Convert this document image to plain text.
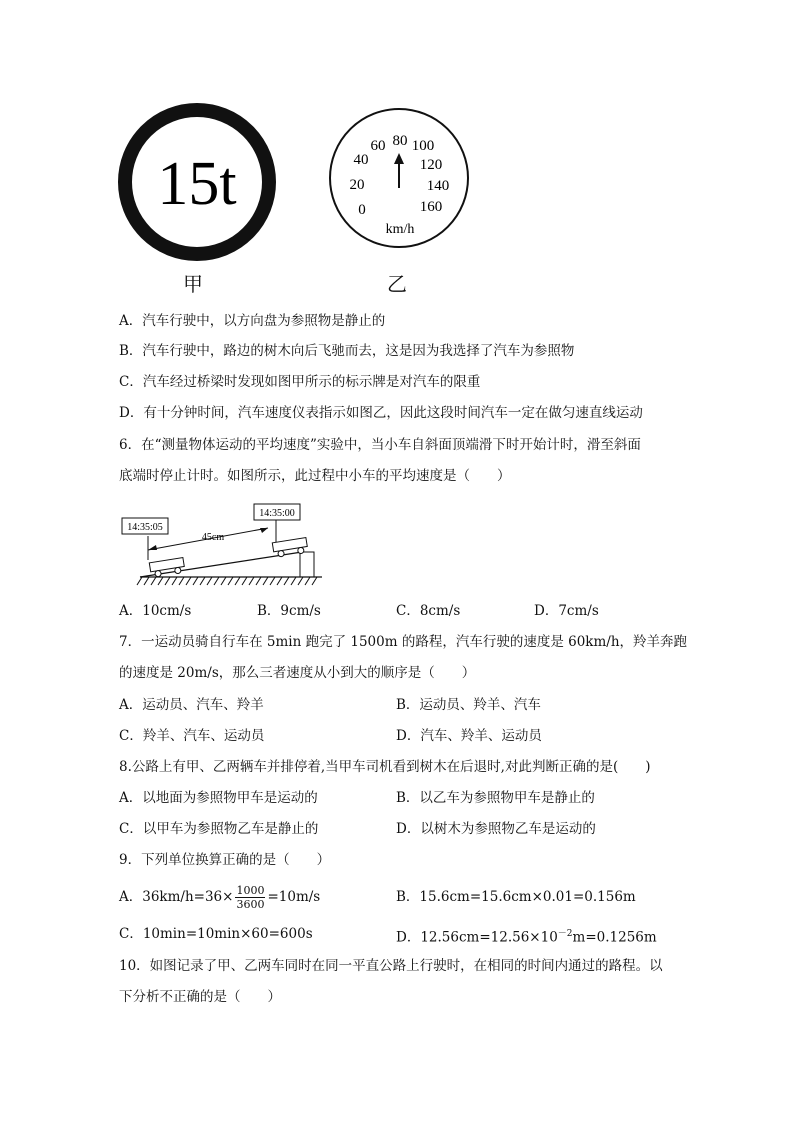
15t
甲
0
20
40
60 80 100
120
140
160
km/h
乙
A．汽车行驶中，以方向盘为参照物是静止的
B．汽车行驶中，路边的树木向后飞驰而去，这是因为我选择了汽车为参照物
C．汽车经过桥梁时发现如图甲所示的标示牌是对汽车的限重
D．有十分钟时间，汽车速度仪表指示如图乙，因此这段时间汽车一定在做匀速直线运动
6．在“测量物体运动的平均速度”实验中，当小车自斜面顶端滑下时开始计时，滑至斜面
底端时停止计时。如图所示，此过程中小车的平均速度是（　　）
14:35:05
14:35:00
45cm
A．10cm/s	B．9cm/s	C．8cm/s	D．7cm/s
7．一运动员骑自行车在 5min 跑完了 1500m 的路程，汽车行驶的速度是 60km/h，羚羊奔跑
的速度是 20m/s，那么三者速度从小到大的顺序是（　　）
A．运动员、汽车、羚羊	B．运动员、羚羊、汽车
C．羚羊、汽车、运动员	D．汽车、羚羊、运动员
8.公路上有甲、乙两辆车并排停着,当甲车司机看到树木在后退时,对此判断正确的是(　　)
A．以地面为参照物甲车是运动的	B．以乙车为参照物甲车是静止的
C．以甲车为参照物乙车是静止的	D．以树木为参照物乙车是运动的
9．下列单位换算正确的是（　　）
A．$36km/h=36\times \frac{1000}{3600} =10m/s$	B．15.6cm=15.6cm×0.01=0.156m
C．10min=10min×60=600s	D．$12.56cm=12.56\times 10^{-2}m=0.1256m$
10．如图记录了甲、乙两车同时在同一平直公路上行驶时，在相同的时间内通过的路程。以
下分析不正确的是（　　）
